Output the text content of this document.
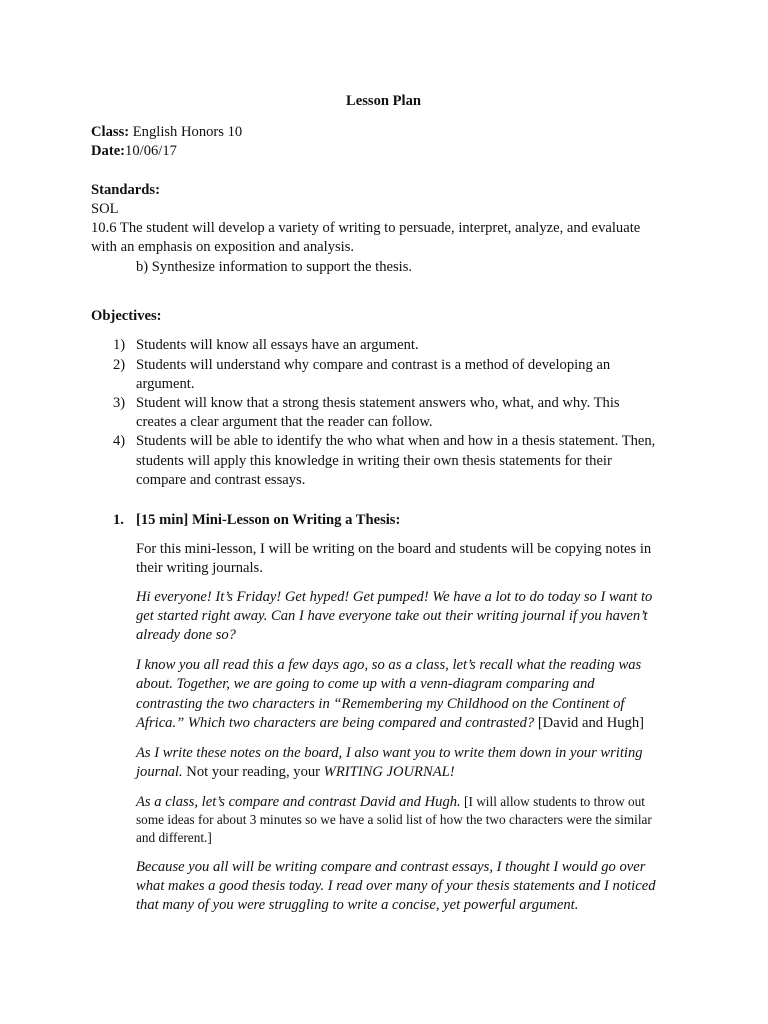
Lesson Plan
Class: English Honors 10
Date:10/06/17
Standards:
SOL
10.6 The student will develop a variety of writing to persuade, interpret, analyze, and evaluate
with an emphasis on exposition and analysis.
b) Synthesize information to support the thesis.
Objectives:
1) Students will know all essays have an argument.
2) Students will understand why compare and contrast is a method of developing an
argument.
3) Student will know that a strong thesis statement answers who, what, and why. This
creates a clear argument that the reader can follow.
4) Students will be able to identify the who what when and how in a thesis statement. Then,
students will apply this knowledge in writing their own thesis statements for their
compare and contrast essays.
1. [15 min] Mini-Lesson on Writing a Thesis:
For this mini-lesson, I will be writing on the board and students will be copying notes in
their writing journals.
Hi everyone! It’s Friday! Get hyped! Get pumped! We have a lot to do today so I want to
get started right away. Can I have everyone take out their writing journal if you haven’t
already done so?
I know you all read this a few days ago, so as a class, let’s recall what the reading was
about. Together, we are going to come up with a venn-diagram comparing and
contrasting the two characters in “Remembering my Childhood on the Continent of
Africa.” Which two characters are being compared and contrasted? [David and Hugh]
As I write these notes on the board, I also want you to write them down in your writing
journal. Not your reading, your WRITING JOURNAL!
As a class, let’s compare and contrast David and Hugh. [I will allow students to throw out
some ideas for about 3 minutes so we have a solid list of how the two characters were the similar
and different.]
Because you all will be writing compare and contrast essays, I thought I would go over
what makes a good thesis today. I read over many of your thesis statements and I noticed
that many of you were struggling to write a concise, yet powerful argument.
